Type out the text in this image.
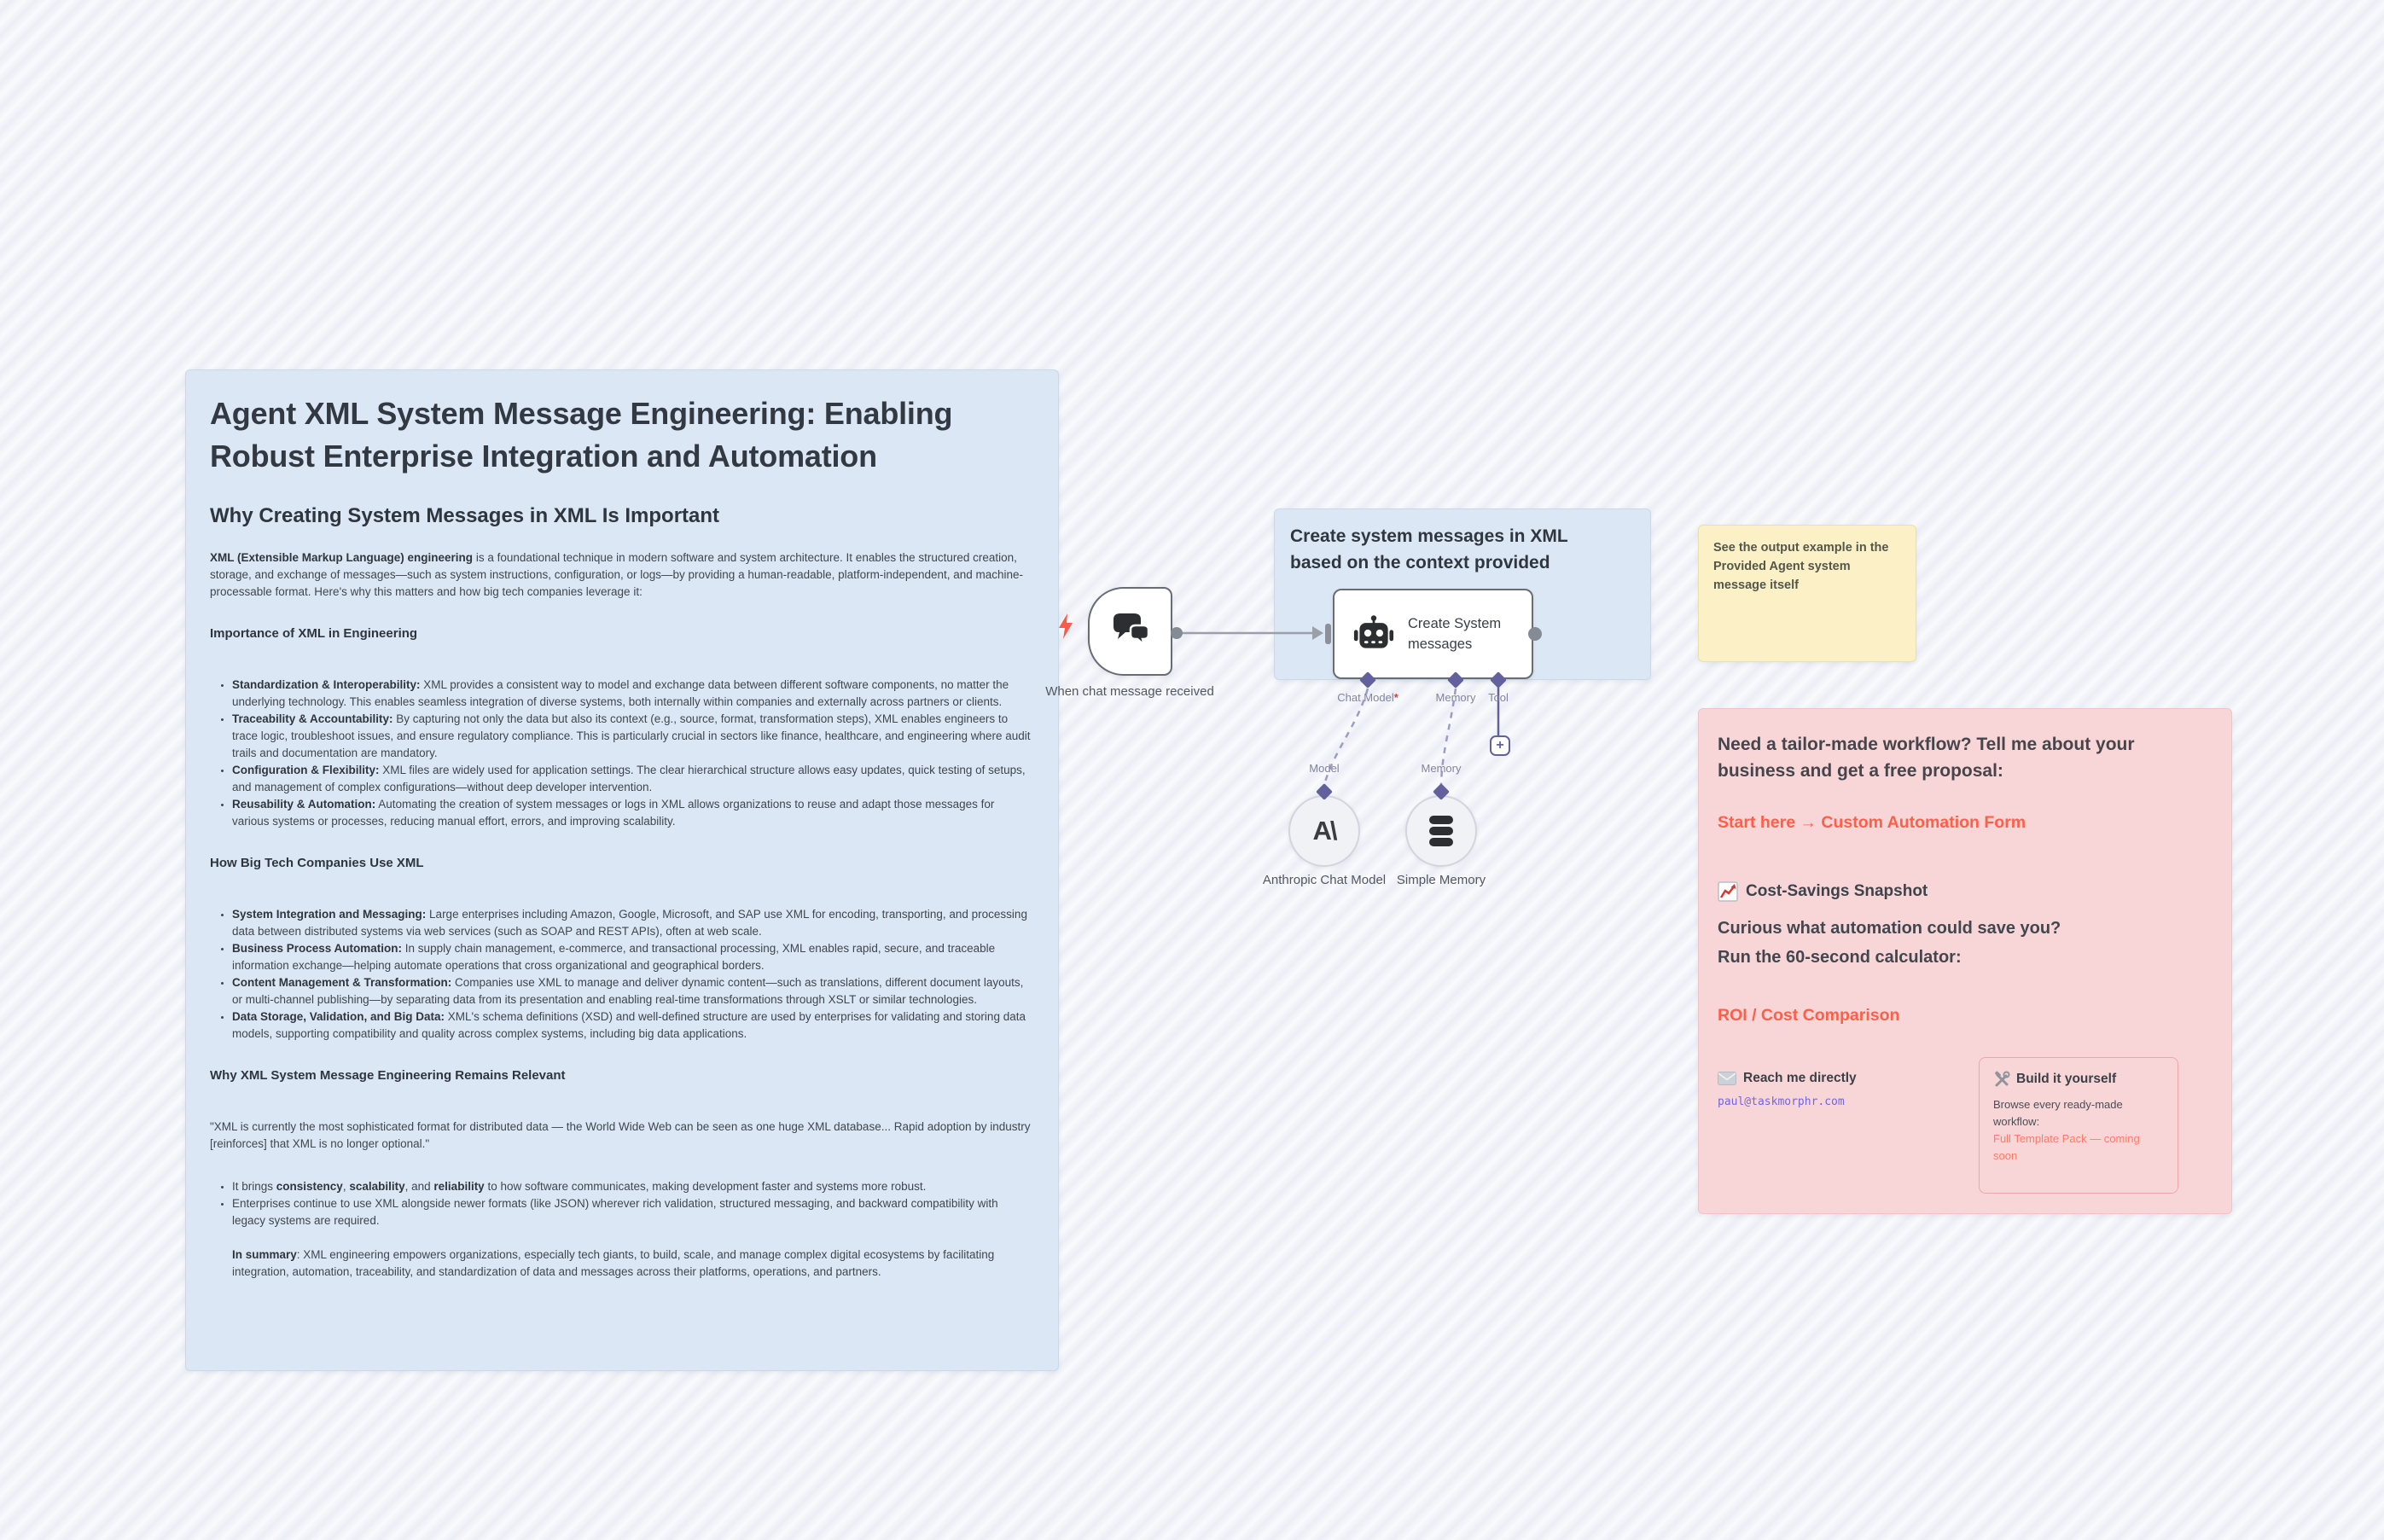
Agent XML System Message Engineering: Enabling Robust Enterprise Integration and Automation
Why Creating System Messages in XML Is Important

XML (Extensible Markup Language) engineering is a foundational technique in modern software and system architecture. It enables the structured creation, storage, and exchange of messages—such as system instructions, configuration, or logs—by providing a human-readable, platform-independent, and machine-processable format. Here's why this matters and how big tech companies leverage it:

Importance of XML in Engineering
• Standardization & Interoperability: XML provides a consistent way to model and exchange data between different software components, no matter the underlying technology. This enables seamless integration of diverse systems, both internally within companies and externally across partners or clients.
• Traceability & Accountability: By capturing not only the data but also its context (e.g., source, format, transformation steps), XML enables engineers to trace logic, troubleshoot issues, and ensure regulatory compliance. This is particularly crucial in sectors like finance, healthcare, and engineering where audit trails and documentation are mandatory.
• Configuration & Flexibility: XML files are widely used for application settings. The clear hierarchical structure allows easy updates, quick testing of setups, and management of complex configurations—without deep developer intervention.
• Reusability & Automation: Automating the creation of system messages or logs in XML allows organizations to reuse and adapt those messages for various systems or processes, reducing manual effort, errors, and improving scalability.
How Big Tech Companies Use XML
• System Integration and Messaging: Large enterprises including Amazon, Google, Microsoft, and SAP use XML for encoding, transporting, and processing data between distributed systems via web services (such as SOAP and REST APIs), often at web scale.
• Business Process Automation: In supply chain management, e-commerce, and transactional processing, XML enables rapid, secure, and traceable information exchange—helping automate operations that cross organizational and geographical borders.
• Content Management & Transformation: Companies use XML to manage and deliver dynamic content—such as translations, different document layouts, or multi-channel publishing—by separating data from its presentation and enabling real-time transformations through XSLT or similar technologies.
• Data Storage, Validation, and Big Data: XML's schema definitions (XSD) and well-defined structure are used by enterprises for validating and storing data models, supporting compatibility and quality across complex systems, including big data applications.
Why XML System Message Engineering Remains Relevant

"XML is currently the most sophisticated format for distributed data — the World Wide Web can be seen as one huge XML database... Rapid adoption by industry [reinforces] that XML is no longer optional."

• It brings consistency, scalability, and reliability to how software communicates, making development faster and systems more robust.
• Enterprises continue to use XML alongside newer formats (like JSON) wherever rich validation, structured messaging, and backward compatibility with legacy systems are required.

In summary: XML engineering empowers organizations, especially tech giants, to build, scale, and manage complex digital ecosystems by facilitating integration, automation, traceability, and standardization of data and messages across their platforms, operations, and partners.

Create system messages in XML based on the context provided
See the output example in the Provided Agent system message itself
When chat message received
Create System messages
Chat Model*	Memory Tool
+
Model	Memory
A\
Anthropic Chat Model Simple Memory
Need a tailor-made workflow? Tell me about your business and get a free proposal:
Start here → Custom Automation Form
Cost-Savings Snapshot
Curious what automation could save you?
Run the 60-second calculator:
ROI / Cost Comparison
Reach me directly
paul@taskmorphr.com
Build it yourself
Browse every ready-made workflow:
Full Template Pack — coming soon
